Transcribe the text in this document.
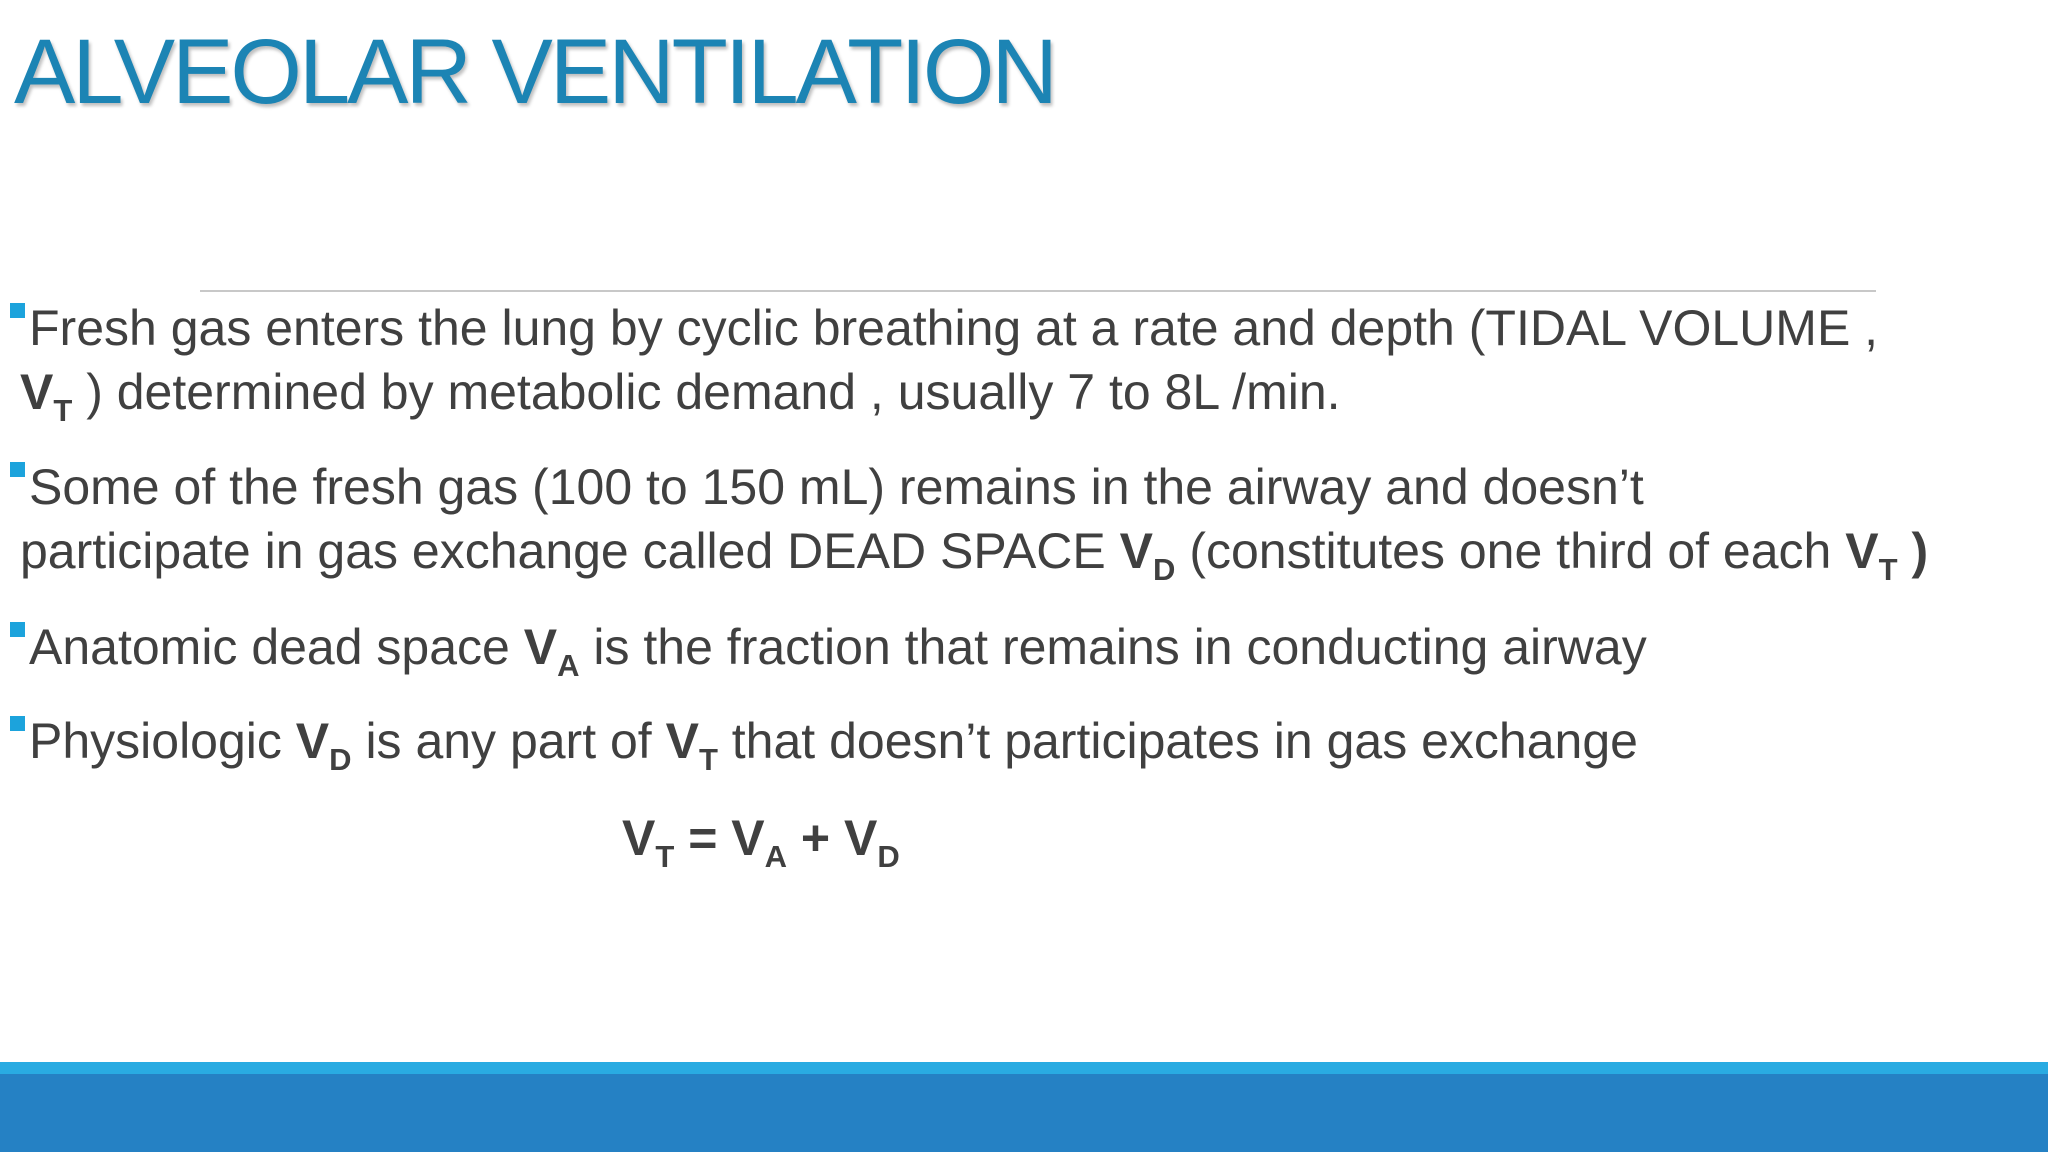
ALVEOLAR VENTILATION
Fresh gas enters the lung by cyclic breathing at a rate and depth (TIDAL VOLUME ,
$V_T$ ) determined by metabolic demand , usually 7 to 8L /min.
Some of the fresh gas (100 to 150 mL) remains in the airway and doesn’t
participate in gas exchange called DEAD SPACE $V_D$ (constitutes one third of each $V_T$ )
Anatomic dead space $V_A$ is the fraction that remains in conducting airway
Physiologic $V_D$ is any part of $V_T$ that doesn’t participates in gas exchange
$V_T = V_A + V_D$
